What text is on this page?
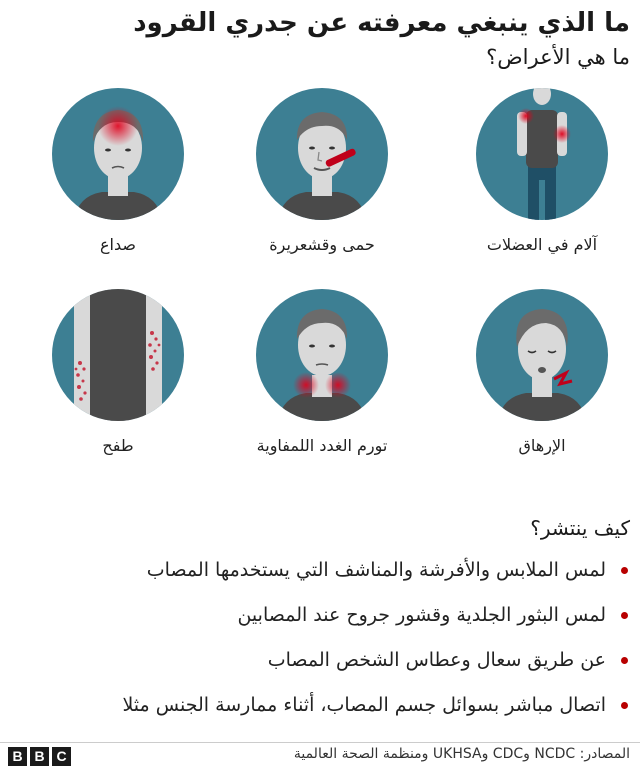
ما الذي ينبغي معرفته عن جدري القرود
ما هي الأعراض؟
آلام في العضلات
حمى وقشعريرة
صداع
الإرهاق
تورم الغدد اللمفاوية
طفح
كيف ينتشر؟
لمس الملابس والأفرشة والمناشف التي يستخدمها المصاب
لمس البثور الجلدية وقشور جروح عند المصابين
عن طريق سعال وعطاس الشخص المصاب
اتصال مباشر بسوائل جسم المصاب، أثناء ممارسة الجنس مثلا
المصادر: NCDC وCDC وUKHSA ومنظمة الصحة العالمية
B B C
